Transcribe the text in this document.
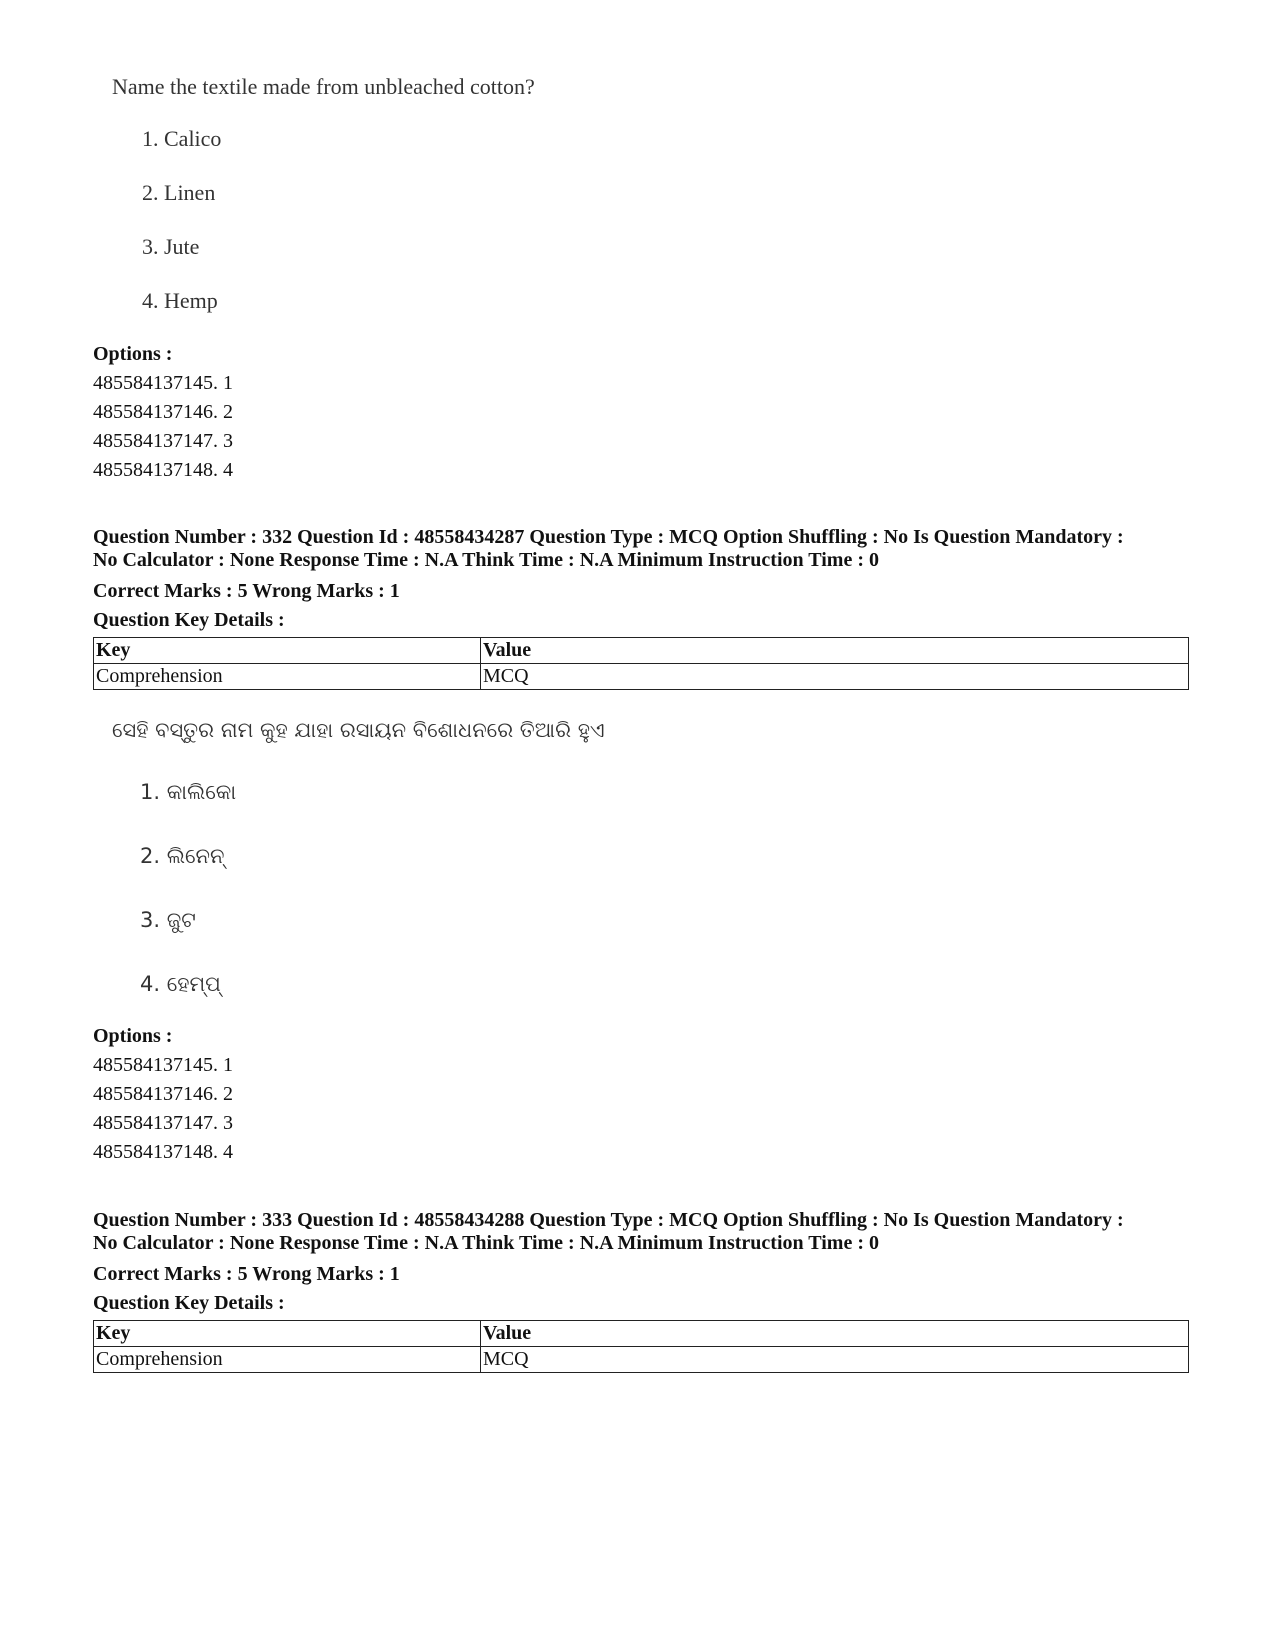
Name the textile made from unbleached cotton?
1. Calico
2. Linen
3. Jute
4. Hemp
Options :
485584137145. 1
485584137146. 2
485584137147. 3
485584137148. 4
Question Number : 332 Question Id : 48558434287 Question Type : MCQ Option Shuffling : No Is Question Mandatory :
No Calculator : None Response Time : N.A Think Time : N.A Minimum Instruction Time : 0
Correct Marks : 5 Wrong Marks : 1
Question Key Details :
Key	Value
Comprehension	MCQ
ସେହି ବସ୍ତୁର ନାମ କୁହ ଯାହା ରସାୟନ ବିଶୋଧନରେ ତିଆରି ହୁଏ
1. କାଲିକୋ
2. ଲିନେନ୍
3. ଜୁଟ
4. ହେମ୍ପ୍
Options :
485584137145. 1
485584137146. 2
485584137147. 3
485584137148. 4
Question Number : 333 Question Id : 48558434288 Question Type : MCQ Option Shuffling : No Is Question Mandatory :
No Calculator : None Response Time : N.A Think Time : N.A Minimum Instruction Time : 0
Correct Marks : 5 Wrong Marks : 1
Question Key Details :
Key	Value
Comprehension	MCQ
